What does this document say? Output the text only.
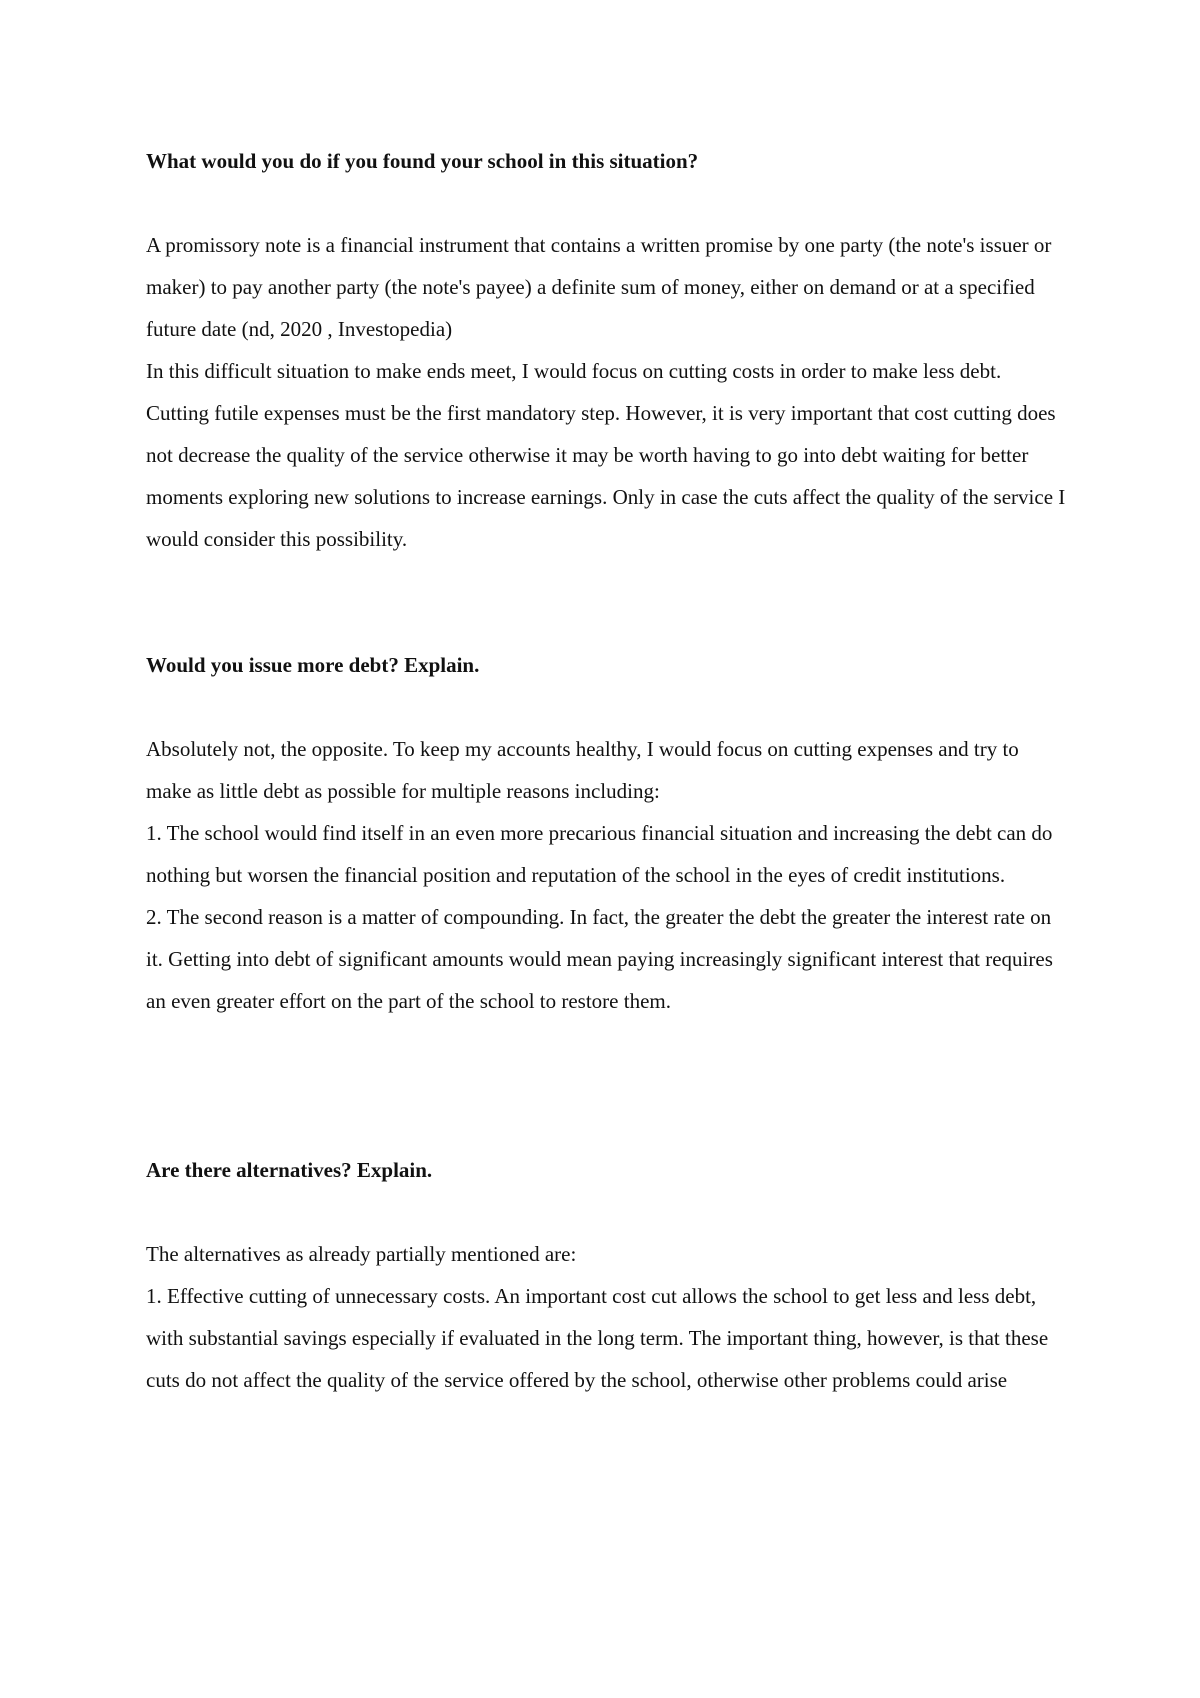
What would you do if you found your school in this situation?

A promissory note is a financial instrument that contains a written promise by one party (the note's issuer or maker) to pay another party (the note's payee) a definite sum of money, either on demand or at a specified future date (nd, 2020 , Investopedia)

In this difficult situation to make ends meet, I would focus on cutting costs in order to make less debt. Cutting futile expenses must be the first mandatory step. However, it is very important that cost cutting does not decrease the quality of the service otherwise it may be worth having to go into debt waiting for better moments exploring new solutions to increase earnings. Only in case the cuts affect the quality of the service I would consider this possibility.

Would you issue more debt? Explain.

Absolutely not, the opposite. To keep my accounts healthy, I would focus on cutting expenses and try to make as little debt as possible for multiple reasons including:

1. The school would find itself in an even more precarious financial situation and increasing the debt can do nothing but worsen the financial position and reputation of the school in the eyes of credit institutions.

2. The second reason is a matter of compounding. In fact, the greater the debt the greater the interest rate on it. Getting into debt of significant amounts would mean paying increasingly significant interest that requires an even greater effort on the part of the school to restore them.

Are there alternatives? Explain.

The alternatives as already partially mentioned are:

1. Effective cutting of unnecessary costs. An important cost cut allows the school to get less and less debt, with substantial savings especially if evaluated in the long term. The important thing, however, is that these cuts do not affect the quality of the service offered by the school, otherwise other problems could arise
